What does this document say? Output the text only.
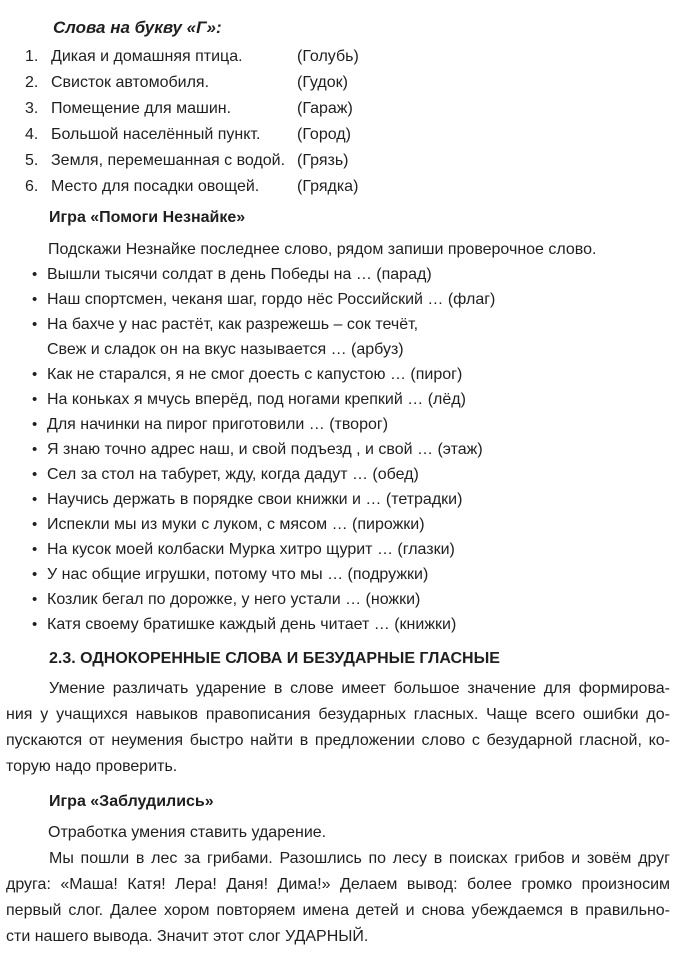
Слова на букву «Г»:
1. Дикая и домашняя птица.	(Голубь)
2. Свисток автомобиля.	(Гудок)
3. Помещение для машин.	(Гараж)
4. Большой населённый пункт.	(Город)
5. Земля, перемешанная с водой. (Грязь)
6. Место для посадки овощей.	(Грядка)
Игра «Помоги Незнайке»
Подскажи Незнайке последнее слово, рядом запиши проверочное слово.
• Вышли тысячи солдат в день Победы на … (парад)
• Наш спортсмен, чеканя шаг, гордо нёс Российский … (флаг)
• На бахче у нас растёт, как разрежешь – сок течёт,
Свеж и сладок он на вкус называется … (арбуз)
• Как не старался, я не смог доесть с капустою … (пирог)
• На коньках я мчусь вперёд, под ногами крепкий … (лёд)
• Для начинки на пирог приготовили … (творог)
• Я знаю точно адрес наш, и свой подъезд , и свой … (этаж)
• Сел за стол на табурет, жду, когда дадут … (обед)
• Научись держать в порядке свои книжки и … (тетрадки)
• Испекли мы из муки с луком, с мясом … (пирожки)
• На кусок моей колбаски Мурка хитро щурит … (глазки)
• У нас общие игрушки, потому что мы … (подружки)
• Козлик бегал по дорожке, у него устали … (ножки)
• Катя своему братишке каждый день читает … (книжки)
2.3. ОДНОКОРЕННЫЕ СЛОВА И БЕЗУДАРНЫЕ ГЛАСНЫЕ
Умение различать ударение в слове имеет большое значение для формирова-
ния у учащихся навыков правописания безударных гласных. Чаще всего ошибки до-
пускаются от неумения быстро найти в предложении слово с безударной гласной, ко-
торую надо проверить.
Игра «Заблудились»
Отработка умения ставить ударение.
Мы пошли в лес за грибами. Разошлись по лесу в поисках грибов и зовём друг
друга: «Маша! Катя! Лера! Даня! Дима!» Делаем вывод: более громко произносим
первый слог. Далее хором повторяем имена детей и снова убеждаемся в правильно-
сти нашего вывода. Значит этот слог УДАРНЫЙ.
